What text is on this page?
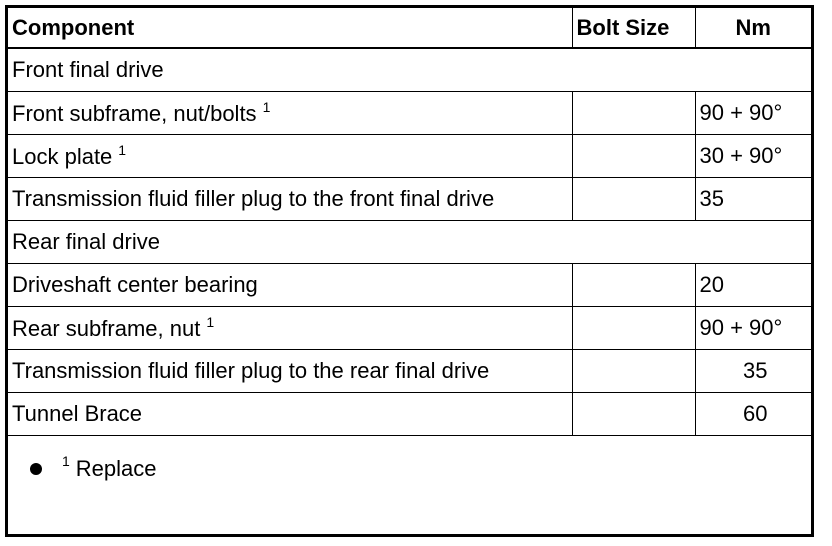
Component	Bolt Size	Nm
Front final drive		
Front subframe, nut/bolts $^1$		90 + 90°
Lock plate $^1$		30 + 90°
Transmission fluid filler plug to the front final drive		35
Rear final drive		
Driveshaft center bearing		20
Rear subframe, nut $^1$		90 + 90°
Transmission fluid filler plug to the rear final drive		35
Tunnel Brace		60
1 Replace
